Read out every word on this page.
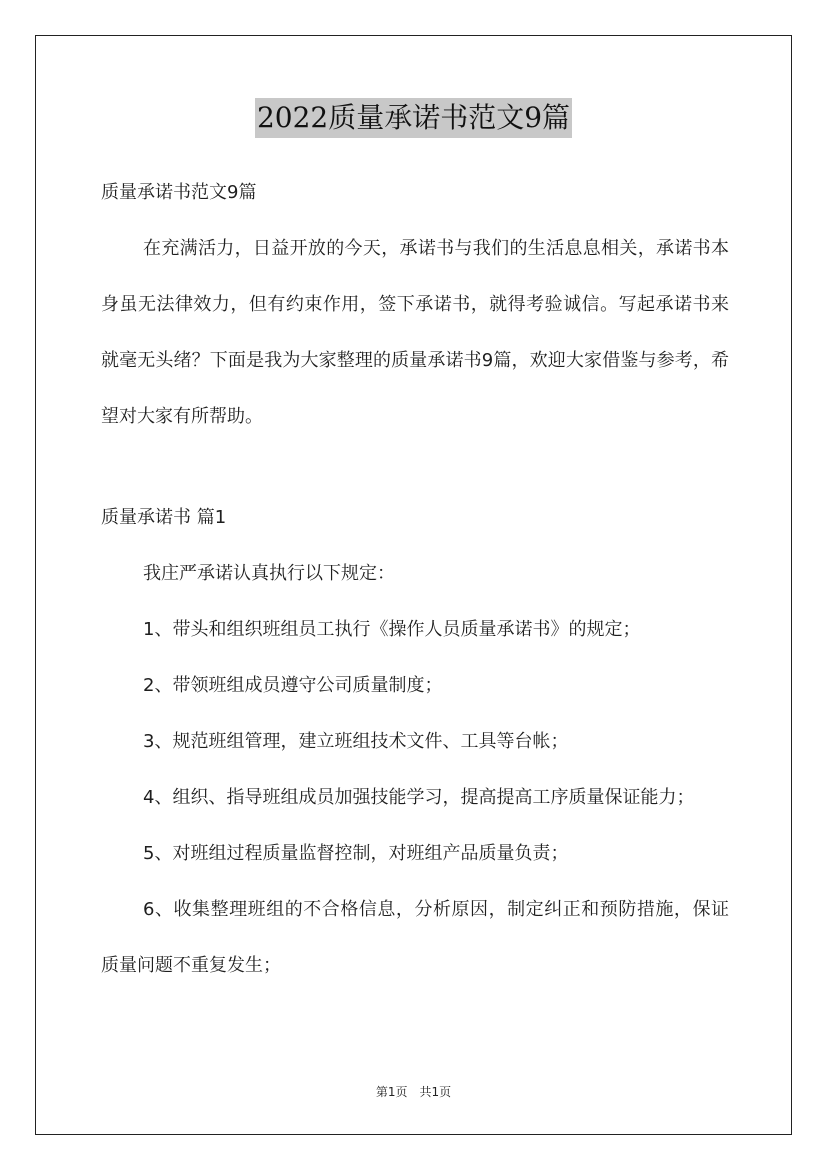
2022质量承诺书范文9篇

质量承诺书范文9篇

在充满活力，日益开放的今天，承诺书与我们的生活息息相关，承诺书本身虽无法律效力，但有约束作用，签下承诺书，就得考验诚信。写起承诺书来就毫无头绪？下面是我为大家整理的质量承诺书9篇，欢迎大家借鉴与参考，希望对大家有所帮助。

质量承诺书 篇1

我庄严承诺认真执行以下规定：

1、带头和组织班组员工执行《操作人员质量承诺书》的规定；

2、带领班组成员遵守公司质量制度；

3、规范班组管理，建立班组技术文件、工具等台帐；

4、组织、指导班组成员加强技能学习，提高提高工序质量保证能力；

5、对班组过程质量监督控制，对班组产品质量负责；

6、收集整理班组的不合格信息，分析原因，制定纠正和预防措施，保证质量问题不重复发生；

第1页　共1页
